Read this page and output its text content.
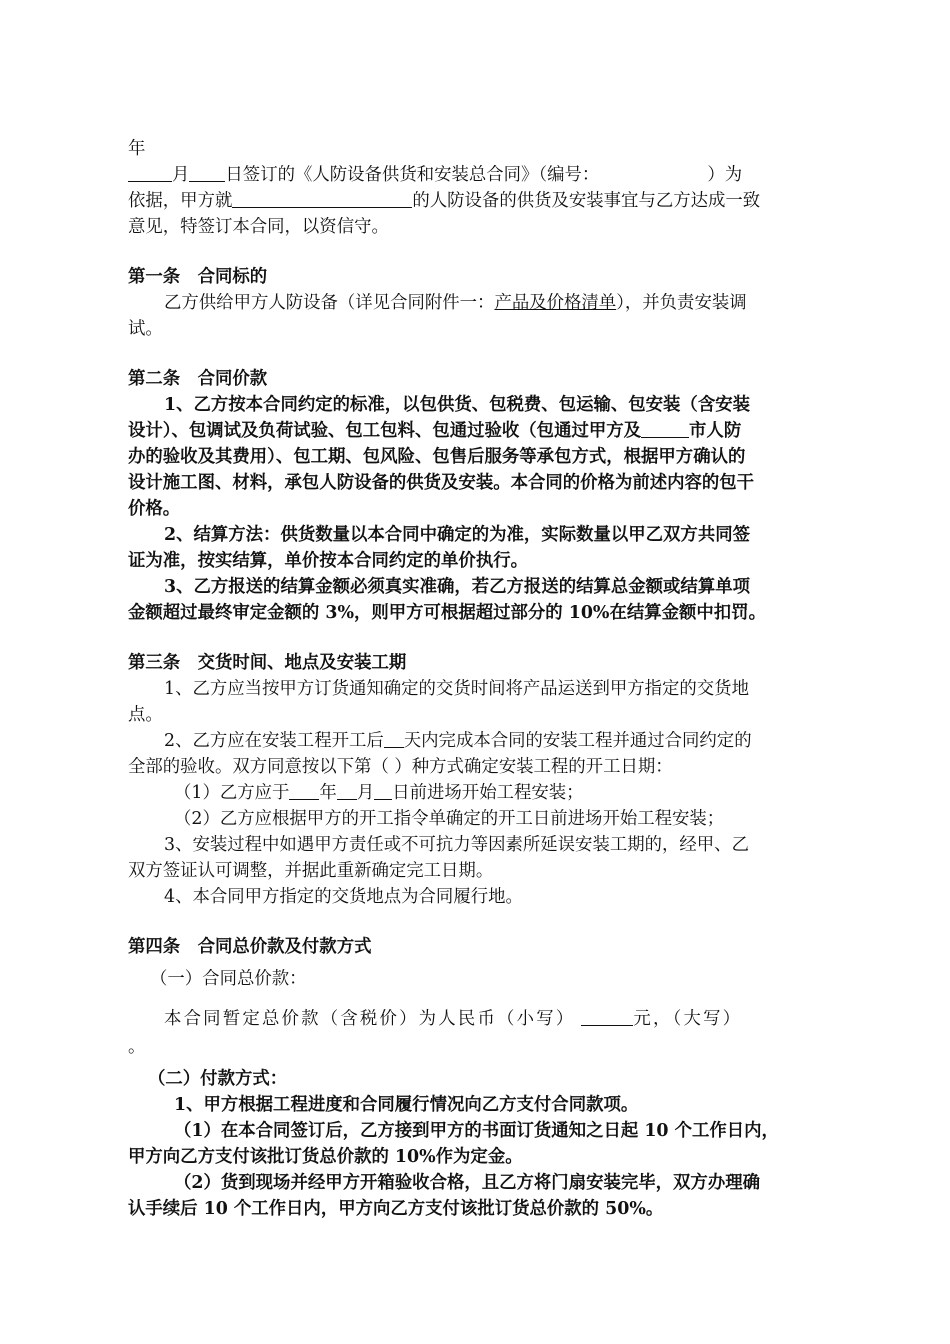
年
月 日签订的《人防设备供货和安装总合同》（编号：	）为
依据，甲方就	的人防设备的供货及安装事宜与乙方达成一致
意见，特签订本合同，以资信守。
第一条　合同标的
乙方供给甲方人防设备（详见合同附件一：产品及价格清单），并负责安装调
试。
第二条　合同价款
1、乙方按本合同约定的标准，以包供货、包税费、包运输、包安装（含安装
设计）、包调试及负荷试验、包工包料、包通过验收（包通过甲方及	市人防
办的验收及其费用）、包工期、包风险、包售后服务等承包方式，根据甲方确认的
设计施工图、材料，承包人防设备的供货及安装。本合同的价格为前述内容的包干
价格。
2、结算方法：供货数量以本合同中确定的为准，实际数量以甲乙双方共同签
证为准，按实结算，单价按本合同约定的单价执行。
3、乙方报送的结算金额必须真实准确，若乙方报送的结算总金额或结算单项
金额超过最终审定金额的 3%，则甲方可根据超过部分的 10%在结算金额中扣罚。
第三条　交货时间、地点及安装工期
1、乙方应当按甲方订货通知确定的交货时间将产品运送到甲方指定的交货地
点。
2、乙方应在安装工程开工后 天内完成本合同的安装工程并通过合同约定的
全部的验收。双方同意按以下第（ ）种方式确定安装工程的开工日期：
（1）乙方应于 年 月 日前进场开始工程安装；
（2）乙方应根据甲方的开工指令单确定的开工日前进场开始工程安装；
3、安装过程中如遇甲方责任或不可抗力等因素所延误安装工期的，经甲、乙
双方签证认可调整，并据此重新确定完工日期。
4、本合同甲方指定的交货地点为合同履行地。
第四条　合同总价款及付款方式
（一）合同总价款：
本合同暂定总价款（含税价）为人民币（小写）	元，（大写）
。
（二）付款方式：
1、甲方根据工程进度和合同履行情况向乙方支付合同款项。
（1）在本合同签订后，乙方接到甲方的书面订货通知之日起 10 个工作日内，
甲方向乙方支付该批订货总价款的 10%作为定金。
（2）货到现场并经甲方开箱验收合格，且乙方将门扇安装完毕，双方办理确
认手续后 10 个工作日内，甲方向乙方支付该批订货总价款的 50%。
